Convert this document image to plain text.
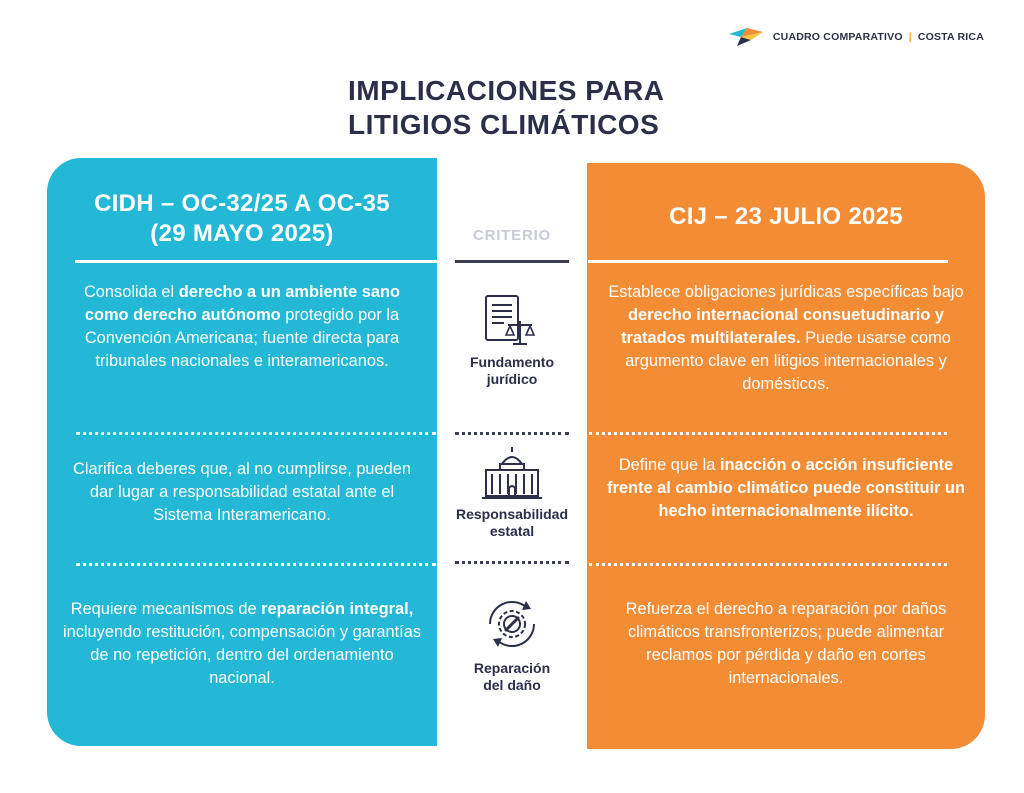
CUADRO COMPARATIVO | COSTA RICA
IMPLICACIONES PARA
LITIGIOS CLIMÁTICOS
CIDH – OC-32/25 A OC-35
(29 MAYO 2025)
CIJ – 23 JULIO 2025
CRITERIO
Consolida el derecho a un ambiente sano como derecho autónomo protegido por la Convención Americana; fuente directa para tribunales nacionales e interamericanos.
Establece obligaciones jurídicas específicas bajo derecho internacional consuetudinario y tratados multilaterales. Puede usarse como argumento clave en litigios internacionales y domésticos.
Fundamento
jurídico
Clarifica deberes que, al no cumplirse, pueden dar lugar a responsabilidad estatal ante el Sistema Interamericano.
Define que la inacción o acción insuficiente frente al cambio climático puede constituir un hecho internacionalmente ilícito.
Responsabilidad
estatal
Requiere mecanismos de reparación integral, incluyendo restitución, compensación y garantías de no repetición, dentro del ordenamiento nacional.
Refuerza el derecho a reparación por daños climáticos transfronterizos; puede alimentar reclamos por pérdida y daño en cortes internacionales.
Reparación
del daño
